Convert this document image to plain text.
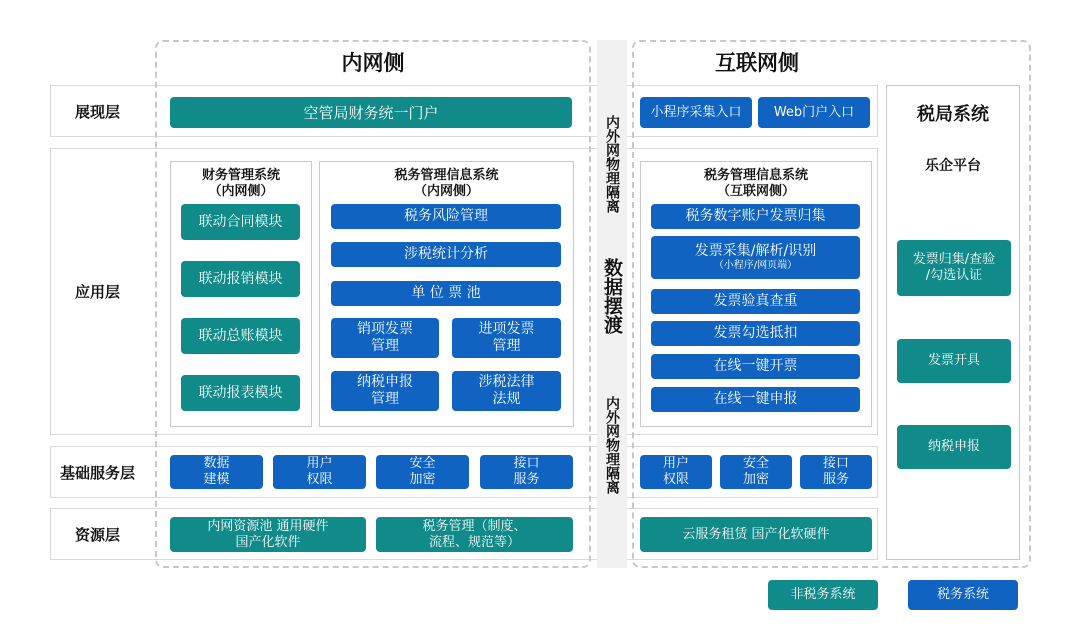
展现层
应用层
基础服务层
资源层
内网侧	互联网侧
内外网物理隔离
数据摆渡
内外网物理隔离
空管局财务统一门户	小程序采集入口	Web门户入口
财务管理系统
（内网侧）
联动合同模块
联动报销模块
联动总账模块
联动报表模块
税务管理信息系统
（内网侧）
税务风险管理
涉税统计分析
单 位 票 池
销项发票
管理
进项发票
管理
纳税申报
管理
涉税法律
法规
税务管理信息系统
（互联网侧）
税务数字账户发票归集
发票采集/解析/识别
（小程序/网页端）
发票验真查重
发票勾选抵扣
在线一键开票
在线一键申报
数据
建模
用户
权限
安全
加密
接口
服务
用户
权限
安全
加密
接口
服务
内网资源池 通用硬件
国产化软件
税务管理（制度、
流程、规范等）
云服务租赁 国产化软硬件
税局系统
乐企平台
发票归集/查验
/勾选认证
发票开具
纳税申报
非税务系统	税务系统
